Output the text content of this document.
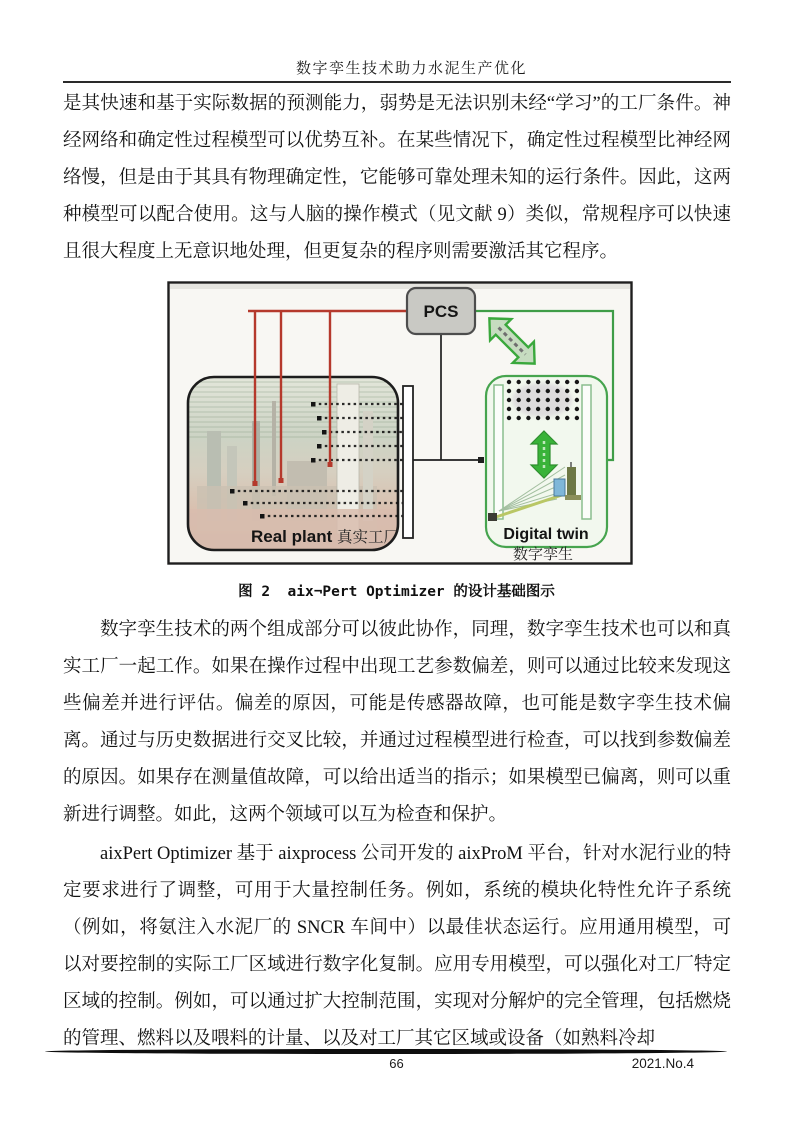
数字孪生技术助力水泥生产优化

是其快速和基于实际数据的预测能力，弱势是无法识别未经“学习”的工厂条件。神经网络和确定性过程模型可以优势互补。在某些情况下，确定性过程模型比神经网络慢，但是由于其具有物理确定性，它能够可靠处理未知的运行条件。因此，这两种模型可以配合使用。这与人脑的操作模式（见文献 9）类似，常规程序可以快速且很大程度上无意识地处理，但更复杂的程序则需要激活其它程序。

PCS
Real plant 真实工厂	Digital twin
数字孪生
图 2  aix¬Pert Optimizer 的设计基础图示

数字孪生技术的两个组成部分可以彼此协作，同理，数字孪生技术也可以和真实工厂一起工作。如果在操作过程中出现工艺参数偏差，则可以通过比较来发现这些偏差并进行评估。偏差的原因，可能是传感器故障，也可能是数字孪生技术偏离。通过与历史数据进行交叉比较，并通过过程模型进行检查，可以找到参数偏差的原因。如果存在测量值故障，可以给出适当的指示；如果模型已偏离，则可以重新进行调整。如此，这两个领域可以互为检查和保护。

aixPert Optimizer 基于 aixprocess 公司开发的 aixProM 平台，针对水泥行业的特定要求进行了调整，可用于大量控制任务。例如，系统的模块化特性允许子系统（例如，将氨注入水泥厂的 SNCR 车间中）以最佳状态运行。应用通用模型，可以对要控制的实际工厂区域进行数字化复制。应用专用模型，可以强化对工厂特定区域的控制。例如，可以通过扩大控制范围，实现对分解炉的完全管理，包括燃烧的管理、燃料以及喂料的计量、以及对工厂其它区域或设备（如熟料冷却

66	2021.No.4
